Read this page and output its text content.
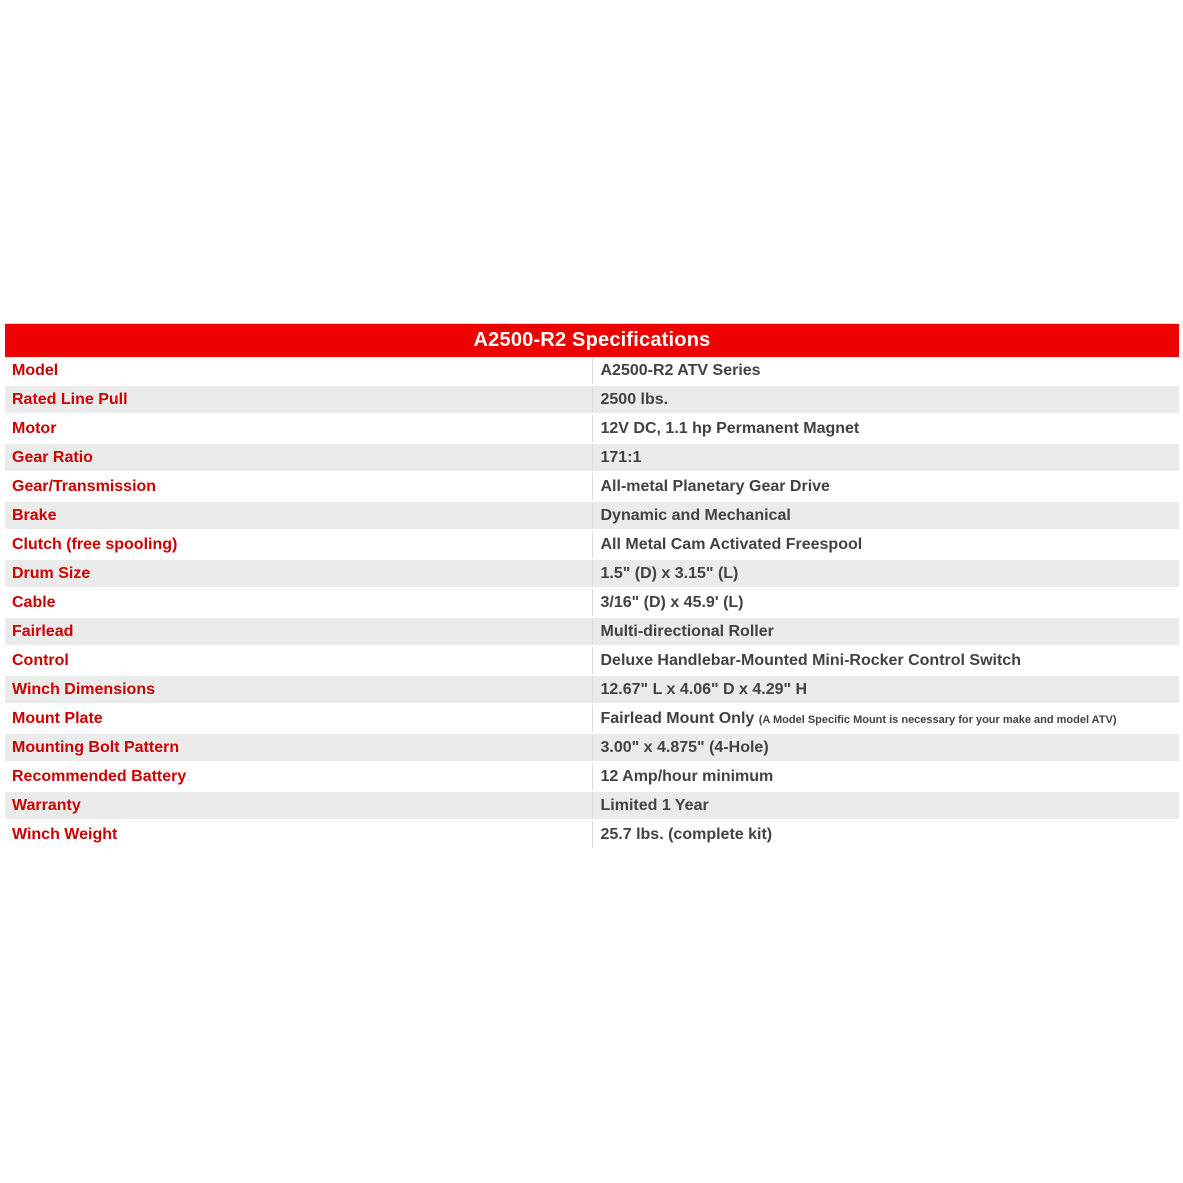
A2500-R2 Specifications	
Model	A2500-R2 ATV Series
Rated Line Pull	2500 lbs.
Motor	12V DC, 1.1 hp Permanent Magnet
Gear Ratio	171:1
Gear/Transmission	All-metal Planetary Gear Drive
Brake	Dynamic and Mechanical
Clutch (free spooling)	All Metal Cam Activated Freespool
Drum Size	1.5" (D) x 3.15" (L)
Cable	3/16" (D) x 45.9' (L)
Fairlead	Multi-directional Roller
Control	Deluxe Handlebar-Mounted Mini-Rocker Control Switch
Winch Dimensions	12.67" L x 4.06" D x 4.29" H
Mount Plate	Fairlead Mount Only (A Model Specific Mount is necessary for your make and model ATV)
Mounting Bolt Pattern	3.00" x 4.875" (4-Hole)
Recommended Battery	12 Amp/hour minimum
Warranty	Limited 1 Year
Winch Weight	25.7 lbs. (complete kit)
